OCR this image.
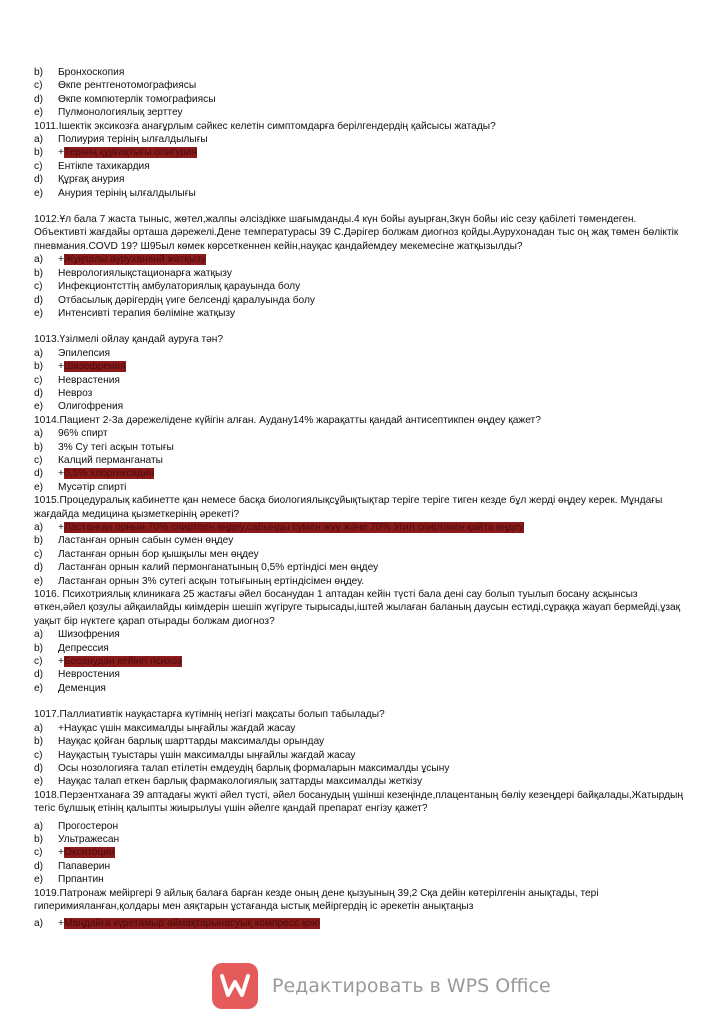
b)	Бронхоскопия
c)	Өкпе рентгенотомографиясы
d)	Өкпе компютерлік томографиясы
e)	Пулмонологиялық зерттеу
1011.Ішектік эксикозға анағұрлым сәйкес келетін симптомдарға берілгендердің қайсысы жатады?
a)	Полиурия терінің ылғалдылығы
b)	+Терінің құрғақтығы олигурия
c)	Ентікпе тахикардия
d)	Құрғақ анурия
e)	Анурия терінің ылғалдылығы
1012.Ұл бала 7 жаста тыныс, жөтел,жалпы әлсіздікке шағымданды.4 күн бойы ауырған,3күн бойы иіс сезу қабілеті төмендеген. Объективті жағдайы орташа дәрежелі.Дене температурасы 39 С.Дәрігер болжам диогноз қойды.Аурухонадан тыс оң жақ төмен бөліктік пневмания.COVD 19? Ш95ыл көмек көрсеткеннен кейін,науқас қандайемдеу мекемесіне жатқызылды?
a)	+Жұқпалы аурухананй жатқызу
b)	Неврологиялықстационарға жатқызу
c)	Инфекционтсттің амбулаториялық қарауында болу
d)	Отбасылық дәрігердің үиге белсенді қаралуында болу
e)	Интенсивті терапия бөліміне жатқызу
1013.Үзілмелі ойлау қандай ауруға тән?
a)	Эпилепсия
b)	+Шизофрения
c)	Неврастения
d)	Невроз
e)	Олигофрения
1014.Пациент 2-3а дәрежелідене күйігін алған. Аудану14% жарақатты қандай антисептикпен өңдеу қажет?
a)	96% спирт
b)	3% Су тегі асқын тотығы
c)	Калций перманганаты
d)	+0,5% хлоргексидин
e)	Мусәтір спирті
1015.Процедуралық кабинетте қан немесе басқа биологиялықсұйықтықтар теріге теріге тиген кезде бұл жерді өңдеу керек. Мұндағы жағдайда медицина қызметкерінің әрекеті?
a)	+Ластанған орнын 70% спиртпен өңдеу,сабынды сумен жуу және 70% этил спиртімен қайта өңдеу
b)	Ластанған орнын сабын сумен өңдеу
c)	Ластанған орнын бор қышқылы мен өңдеу
d)	Ластанған орнын калий пермонганатының 0,5% ертіндісі мен өңдеу
e)	Ластанған орнын 3% сутегі асқын тотығының ертіндісімен өңдеу.
1016. Психотриялық клиникаға 25 жастағы әйел босанудан 1 аптадан кейін түсті бала дені сау болып туылып босану асқынсыз өткен,әйел қозулы айқаилайды киімдерін шешіп жүгіруге тырысады,іштей жылаған баланың даусын естиді,сұраққа жауап бермейді,ұзақ уақыт бір нүктеге қарап отырады болжам диогноз?
a)	Шизофрения
b)	Депрессия
c)	+Босанудан кейінгі психоз
d)	Невростения
e)	Деменция
1017.Паллиативтік науқастарға күтімнің негізгі мақсаты болып табылады?
a)	+Науқас үшін максималды ыңғайлы жағдай жасау
b)	Науқас қойған барлық шарттарды максималды орындау
c)	Науқастың туыстары үшін максималды ыңғайлы жағдай жасау
d)	Осы нозологияға талап етілетін емдеудің барлық формаларын максималды ұсыну
e)	Науқас талап еткен барлық фармакологиялық заттарды максималды жеткізу
1018.Перзентханаға 39 аптадағы жүкті әйел түсті, әйел босанудың үшінші кезеңінде,плацентаның бөліу кезеңдері байқалады,Жатырдың тегіс бұлшық етінің қалыпты жиырылуы үшін әйелге қандай препарат енгізу қажет?
a)	Прогостерон
b)	Ультражесан
c)	+Окситоцин
d)	Папаверин
e)	Прпантин
1019.Патронаж мейіргері 9 айлық балаға барған кезде оның дене қызуының 39,2 Сқа дейін көтерілгенін анықтады, тері гиперимияланған,қолдары мен аяқтарын ұстағанда ыстық мейіргердің іс әрекетін анықтаңыз
a)	+Маңдайға күретамыр аймақтарынасуық компресс қою
Редактировать в WPS Office
